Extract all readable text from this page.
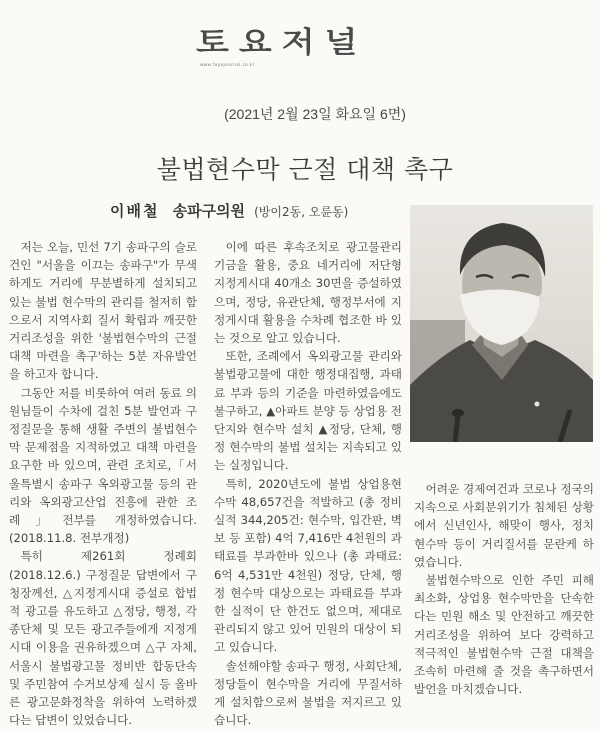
토요저널
www.toyojournal.co.kr
(2021년 2월 23일 화요일 6면)
불법현수막 근절 대책 촉구
이배철 송파구의원 (방이2동, 오륜동)

저는 오늘, 민선 7기 송파구의 슬로건인 "서울을 이끄는 송파구"가 무색하게도 거리에 무분별하게 설치되고 있는 불법 현수막의 관리를 철저히 함으로서 지역사회 질서 확립과 깨끗한 거리조성을 위한 '불법현수막의 근절 대책 마련을 촉구'하는 5분 자유발언을 하고자 합니다.

그동안 저를 비롯하여 여러 동료 의원님들이 수차에 걸친 5분 발언과 구정질문을 통해 생활 주변의 불법현수막 문제점을 지적하였고 대책 마련을 요구한 바 있으며, 관련 조치로,「서울특별시 송파구 옥외광고물 등의 관리와 옥외광고산업 진흥에 관한 조례」전부를 개정하였습니다. (2018.11.8. 전부개정)

특히 제261회 정례회(2018.12.6.) 구정질문 답변에서 구청장께선, △지정게시대 증설로 합법적 광고를 유도하고 △정당, 행정, 각종단체 및 모든 광고주들에게 지정게시대 이용을 권유하겠으며 △구 자체, 서울시 불법광고물 정비반 합동단속 및 주민참여 수거보상제 실시 등 올바른 광고문화정착을 위하여 노력하겠다는 답변이 있었습니다.

이에 따른 후속조치로 광고물관리기금을 활용, 중요 네거리에 저단형 지정게시대 40개소 30면을 증설하였으며, 정당, 유관단체, 행정부서에 지정게시대 활용을 수차례 협조한 바 있는 것으로 알고 있습니다.

또한, 조례에서 옥외광고물 관리와 불법광고물에 대한 행정대집행, 과태료 부과 등의 기준을 마련하였음에도 불구하고, ▲아파트 분양 등 상업용 전단지와 현수막 설치 ▲정당, 단체, 행정 현수막의 불법 설치는 지속되고 있는 실정입니다.

특히, 2020년도에 불법 상업용현수막 48,657건을 적발하고 (총 정비실적 344,205건: 현수막, 입간판, 벽보 등 포함) 4억 7,416만 4천원의 과태료를 부과한바 있으나 (총 과태료: 6억 4,531만 4천원) 정당, 단체, 행정 현수막 대상으로는 과태료를 부과한 실적이 단 한건도 없으며, 제대로 관리되지 않고 있어 민원의 대상이 되고 있습니다.

솔선해야할 송파구 행정, 사회단체, 정당들이 현수막을 거리에 무질서하게 설치함으로써 불법을 저지르고 있습니다.

어려운 경제여건과 코로나 정국의 지속으로 사회분위기가 침체된 상황에서 신년인사, 해맞이 행사, 정치 현수막 등이 거리질서를 문란케 하였습니다.

불법현수막으로 인한 주민 피해 최소화, 상업용 현수막만을 단속한다는 민원 해소 및 안전하고 깨끗한 거리조성을 위하여 보다 강력하고 적극적인 불법현수막 근절 대책을 조속히 마련해 줄 것을 촉구하면서 발언을 마치겠습니다.
